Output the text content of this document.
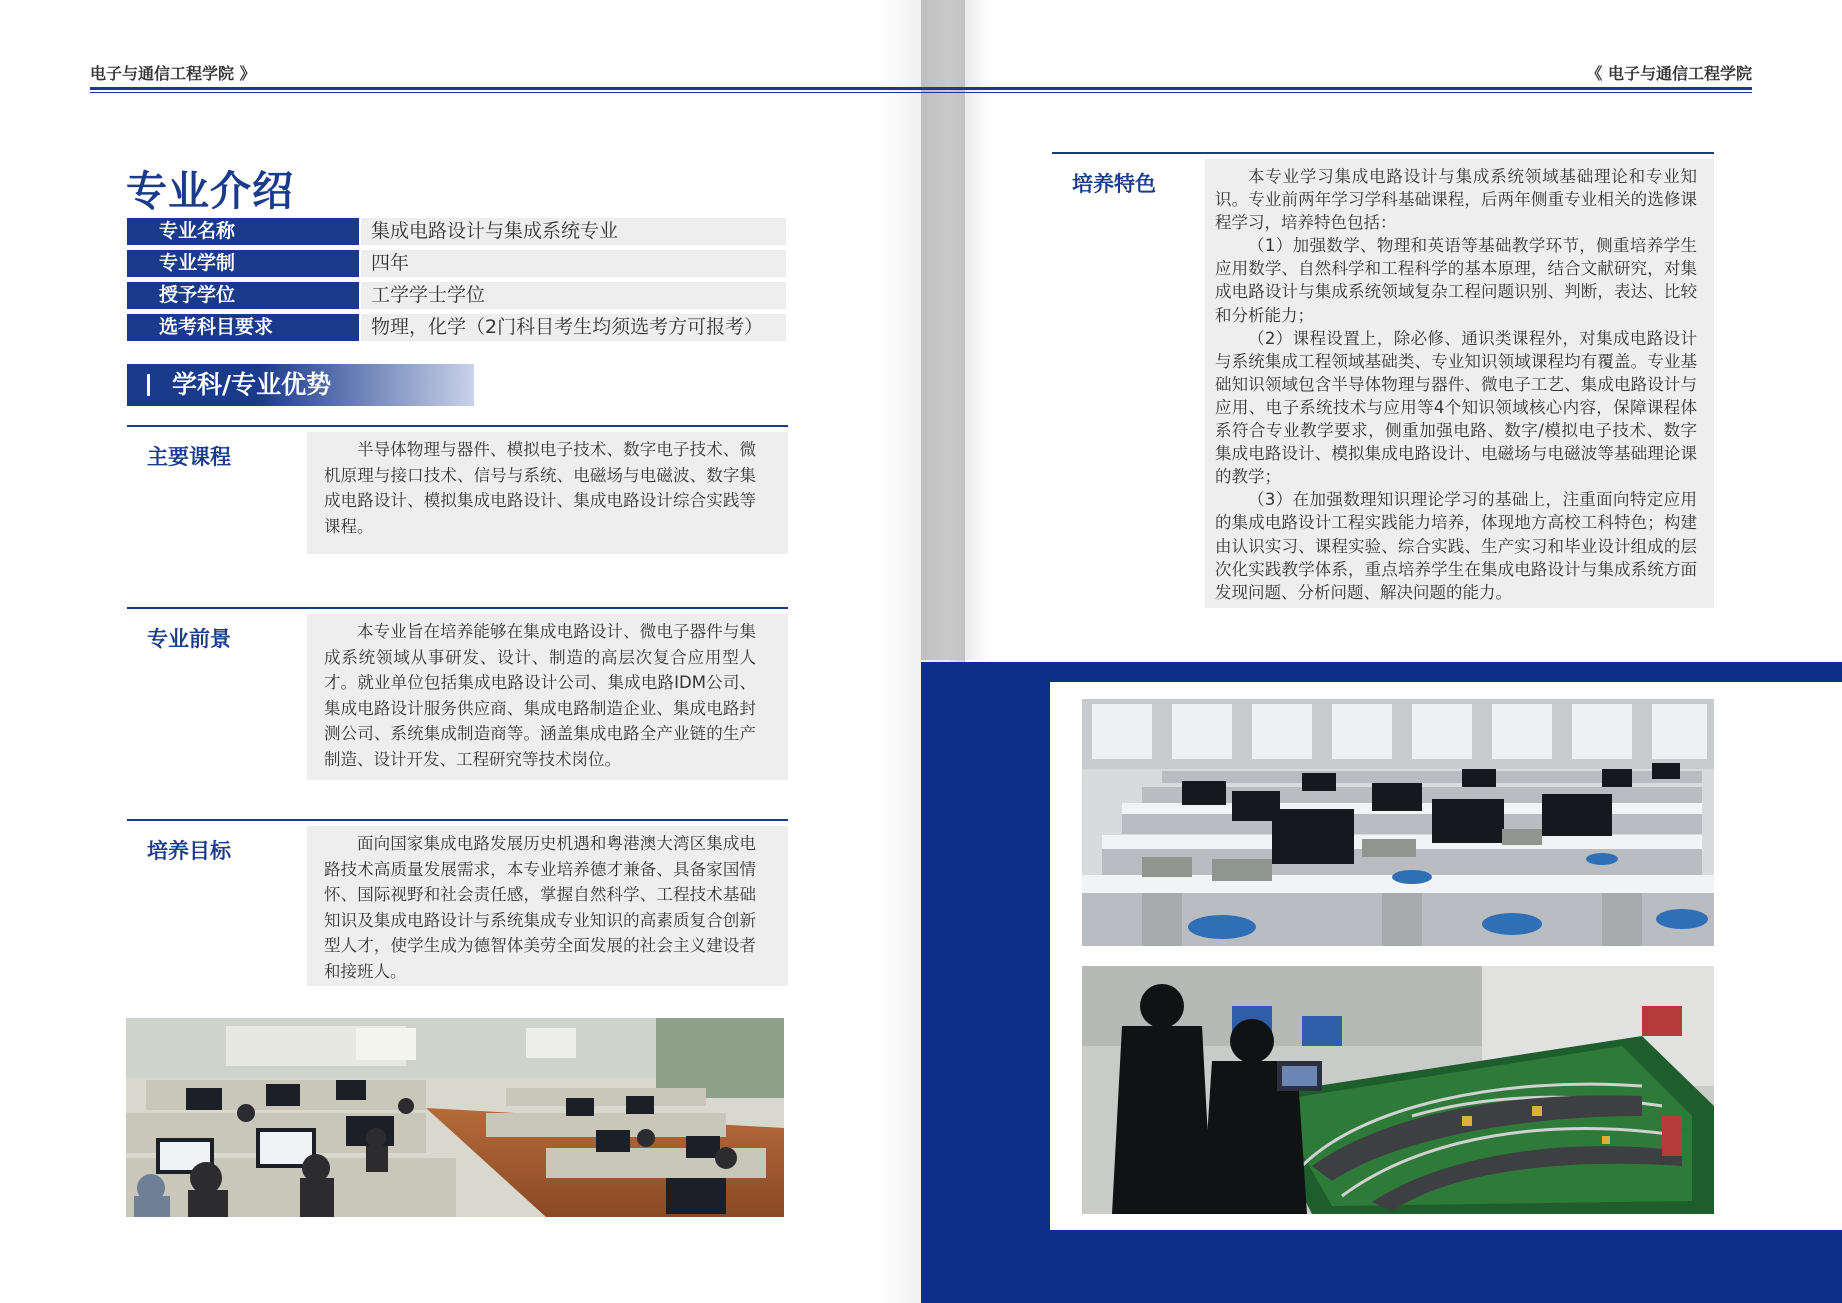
电子与通信工程学院 》	《 电子与通信工程学院
专业介绍
专业名称	集成电路设计与集成系统专业
专业学制	四年
授予学位	工学学士学位
选考科目要求	物理，化学（2门科目考生均须选考方可报考）
学科/专业优势
主要课程	半导体物理与器件、模拟电子技术、数字电子技术、微机原理与接口技术、信号与系统、电磁场与电磁波、数字集成电路设计、模拟集成电路设计、集成电路设计综合实践等课程。
专业前景	本专业旨在培养能够在集成电路设计、微电子器件与集成系统领域从事研发、设计、制造的高层次复合应用型人才。就业单位包括集成电路设计公司、集成电路IDM公司、集成电路设计服务供应商、集成电路制造企业、集成电路封测公司、系统集成制造商等。涵盖集成电路全产业链的生产制造、设计开发、工程研究等技术岗位。
培养目标	面向国家集成电路发展历史机遇和粤港澳大湾区集成电路技术高质量发展需求，本专业培养德才兼备、具备家国情怀、国际视野和社会责任感，掌握自然科学、工程技术基础知识及集成电路设计与系统集成专业知识的高素质复合创新型人才，使学生成为德智体美劳全面发展的社会主义建设者和接班人。
培养特色	本专业学习集成电路设计与集成系统领域基础理论和专业知识。专业前两年学习学科基础课程，后两年侧重专业相关的选修课程学习，培养特色包括：

（1）加强数学、物理和英语等基础教学环节，侧重培养学生应用数学、自然科学和工程科学的基本原理，结合文献研究，对集成电路设计与集成系统领域复杂工程问题识别、判断，表达、比较和分析能力；

（2）课程设置上，除必修、通识类课程外，对集成电路设计与系统集成工程领域基础类、专业知识领域课程均有覆盖。专业基础知识领域包含半导体物理与器件、微电子工艺、集成电路设计与应用、电子系统技术与应用等4个知识领域核心内容，保障课程体系符合专业教学要求，侧重加强电路、数字/模拟电子技术、数字集成电路设计、模拟集成电路设计、电磁场与电磁波等基础理论课的教学；

（3）在加强数理知识理论学习的基础上，注重面向特定应用的集成电路设计工程实践能力培养，体现地方高校工科特色；构建由认识实习、课程实验、综合实践、生产实习和毕业设计组成的层次化实践教学体系，重点培养学生在集成电路设计与集成系统方面发现问题、分析问题、解决问题的能力。
